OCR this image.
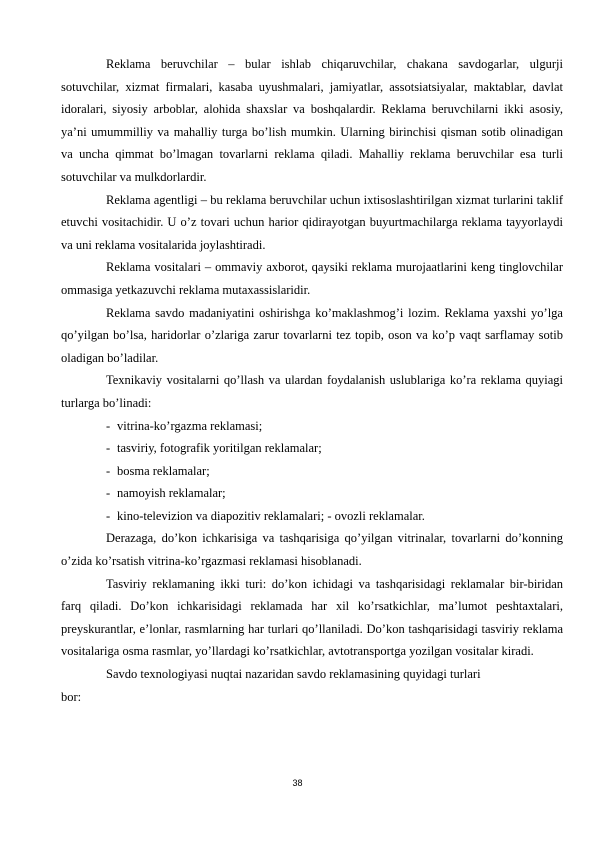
Reklama beruvchilar – bular ishlab chiqaruvchilar, chakana savdogarlar, ulgurji sotuvchilar, xizmat firmalari, kasaba uyushmalari, jamiyatlar, assotsiatsiyalar, maktablar, davlat idoralari, siyosiy arboblar, alohida shaxslar va boshqalardir. Reklama beruvchilarni ikki asosiy, ya’ni umummilliy va mahalliy turga bo’lish mumkin. Ularning birinchisi qisman sotib olinadigan va uncha qimmat bo’lmagan tovarlarni reklama qiladi. Mahalliy reklama beruvchilar esa turli sotuvchilar va mulkdorlardir.

Reklama agentligi – bu reklama beruvchilar uchun ixtisoslashtirilgan xizmat turlarini taklif etuvchi vositachidir. U o’z tovari uchun harior qidirayotgan buyurtmachilarga reklama tayyorlaydi va uni reklama vositalarida joylashtiradi.

Reklama vositalari – ommaviy axborot, qaysiki reklama murojaatlarini keng tinglovchilar ommasiga yetkazuvchi reklama mutaxassislaridir.

Reklama savdo madaniyatini oshirishga ko’maklashmog’i lozim. Reklama yaxshi yo’lga qo’yilgan bo’lsa, haridorlar o’zlariga zarur tovarlarni tez topib, oson va ko’p vaqt sarflamay sotib oladigan bo’ladilar.

Texnikaviy vositalarni qo’llash va ulardan foydalanish uslublariga ko’ra reklama quyiagi turlarga bo’linadi:

- vitrina-ko’rgazma reklamasi;
- tasviriy, fotografik yoritilgan reklamalar;
- bosma reklamalar;
- namoyish reklamalar;
- kino-televizion va diapozitiv reklamalari; - ovozli reklamalar.

Derazaga, do’kon ichkarisiga va tashqarisiga qo’yilgan vitrinalar, tovarlarni do’konning o’zida ko’rsatish vitrina-ko’rgazmasi reklamasi hisoblanadi.

Tasviriy reklamaning ikki turi: do’kon ichidagi va tashqarisidagi reklamalar bir-biridan farq qiladi. Do’kon ichkarisidagi reklamada har xil ko’rsatkichlar, ma’lumot peshtaxtalari, preyskurantlar, e’lonlar, rasmlarning har turlari qo’llaniladi. Do’kon tashqarisidagi tasviriy reklama vositalariga osma rasmlar, yo’llardagi ko’rsatkichlar, avtotransportga yozilgan vositalar kiradi.

Savdo texnologiyasi nuqtai nazaridan savdo reklamasining quyidagi turlari

bor:

38
